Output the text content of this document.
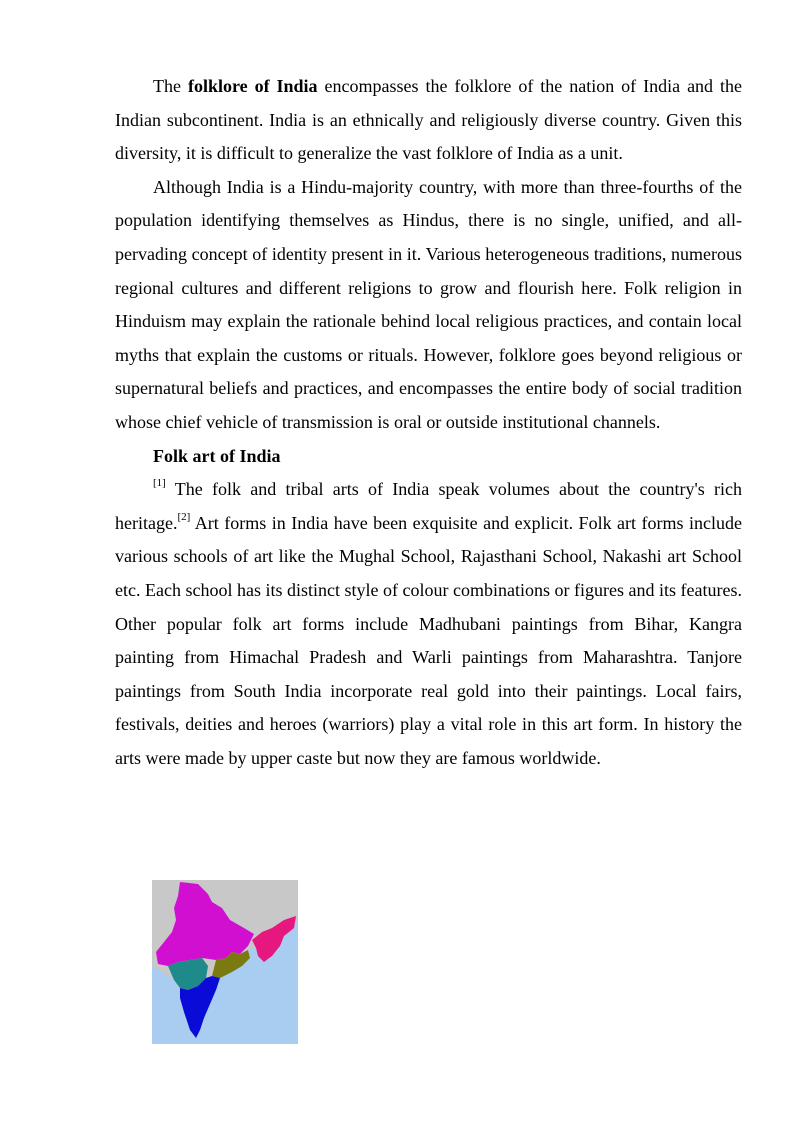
The folklore of India encompasses the folklore of the nation of India and the Indian subcontinent. India is an ethnically and religiously diverse country. Given this diversity, it is difficult to generalize the vast folklore of India as a unit.

Although India is a Hindu-majority country, with more than three-fourths of the population identifying themselves as Hindus, there is no single, unified, and all-pervading concept of identity present in it. Various heterogeneous traditions, numerous regional cultures and different religions to grow and flourish here. Folk religion in Hinduism may explain the rationale behind local religious practices, and contain local myths that explain the customs or rituals. However, folklore goes beyond religious or supernatural beliefs and practices, and encompasses the entire body of social tradition whose chief vehicle of transmission is oral or outside institutional channels.

Folk art of India

[1] The folk and tribal arts of India speak volumes about the country's rich heritage.[2] Art forms in India have been exquisite and explicit. Folk art forms include various schools of art like the Mughal School, Rajasthani School, Nakashi art School etc. Each school has its distinct style of colour combinations or figures and its features. Other popular folk art forms include Madhubani paintings from Bihar, Kangra painting from Himachal Pradesh and Warli paintings from Maharashtra. Tanjore paintings from South India incorporate real gold into their paintings. Local fairs, festivals, deities and heroes (warriors) play a vital role in this art form. In history the arts were made by upper caste but now they are famous worldwide.
